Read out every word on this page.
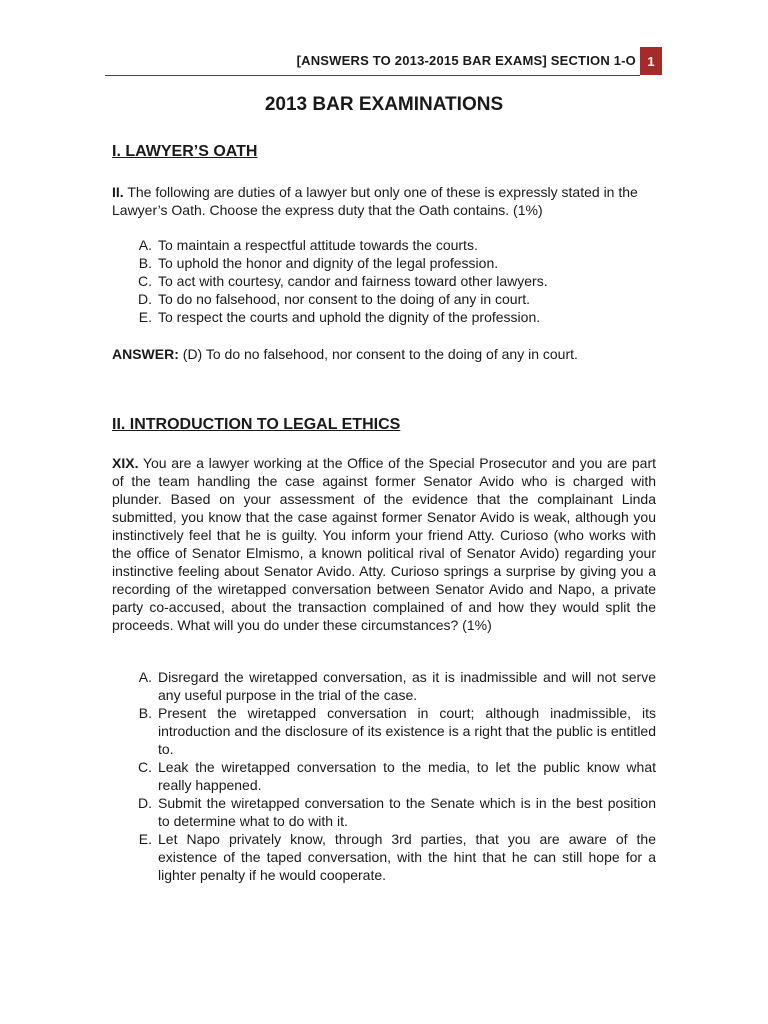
[ANSWERS TO 2013-2015 BAR EXAMS] SECTION 1-O 1
2013 BAR EXAMINATIONS
I. LAWYER’S OATH

II. The following are duties of a lawyer but only one of these is expressly stated in the Lawyer’s Oath. Choose the express duty that the Oath contains. (1%)

A. To maintain a respectful attitude towards the courts.
B. To uphold the honor and dignity of the legal profession.
C. To act with courtesy, candor and fairness toward other lawyers.
D. To do no falsehood, nor consent to the doing of any in court.
E. To respect the courts and uphold the dignity of the profession.

ANSWER: (D) To do no falsehood, nor consent to the doing of any in court.

II. INTRODUCTION TO LEGAL ETHICS

XIX. You are a lawyer working at the Office of the Special Prosecutor and you are part of the team handling the case against former Senator Avido who is charged with plunder. Based on your assessment of the evidence that the complainant Linda submitted, you know that the case against former Senator Avido is weak, although you instinctively feel that he is guilty. You inform your friend Atty. Curioso (who works with the office of Senator Elmismo, a known political rival of Senator Avido) regarding your instinctive feeling about Senator Avido. Atty. Curioso springs a surprise by giving you a recording of the wiretapped conversation between Senator Avido and Napo, a private party co-accused, about the transaction complained of and how they would split the proceeds. What will you do under these circumstances? (1%)

A. Disregard the wiretapped conversation, as it is inadmissible and will not serve any useful purpose in the trial of the case.
B. Present the wiretapped conversation in court; although inadmissible, its introduction and the disclosure of its existence is a right that the public is entitled to.
C. Leak the wiretapped conversation to the media, to let the public know what really happened.
D. Submit the wiretapped conversation to the Senate which is in the best position to determine what to do with it.
E. Let Napo privately know, through 3rd parties, that you are aware of the existence of the taped conversation, with the hint that he can still hope for a lighter penalty if he would cooperate.
